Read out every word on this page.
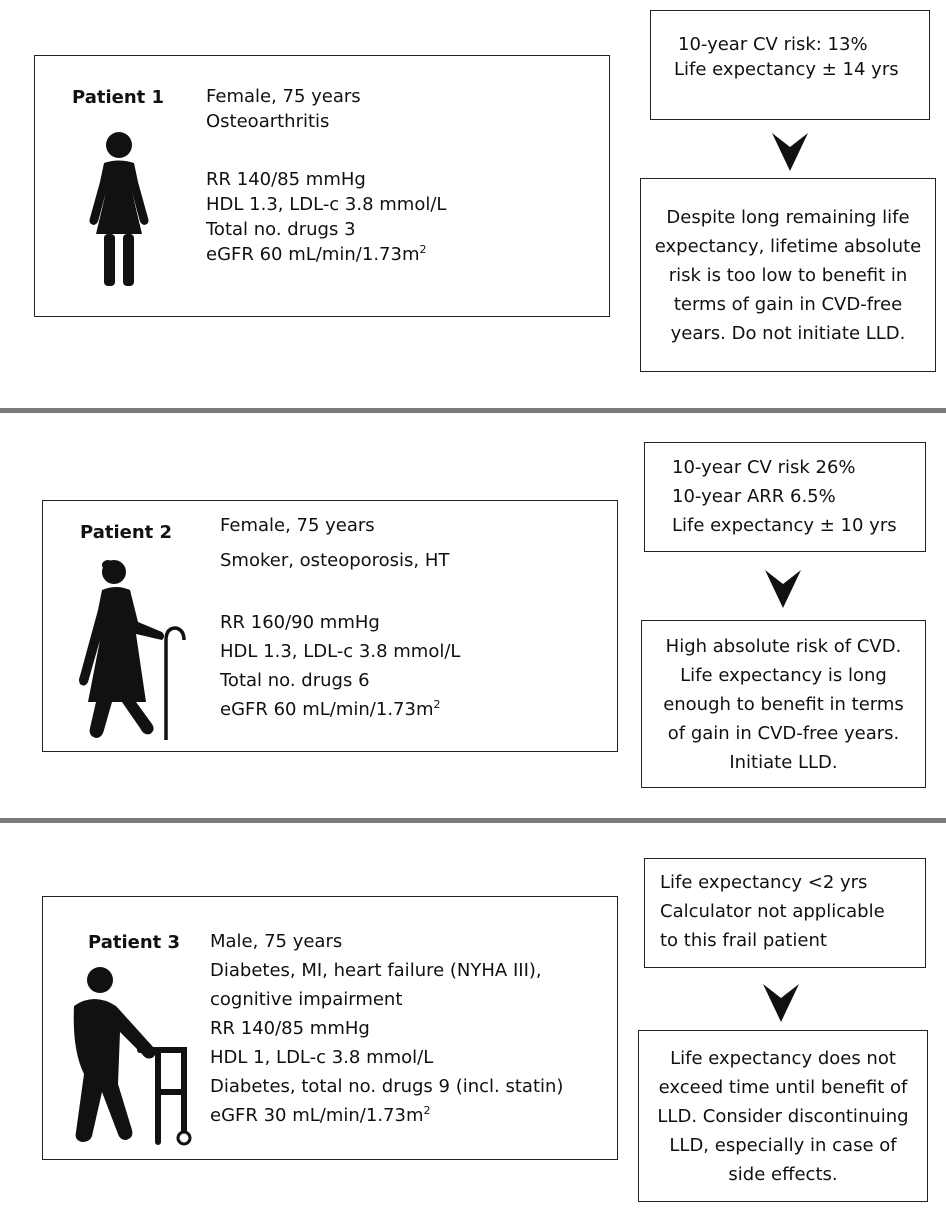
Patient 1 Female, 75 years
Osteoarthritis
RR 140/85 mmHg
HDL 1.3, LDL-c 3.8 mmol/L
Total no. drugs 3
eGFR 60 $mL/\min/1.73m^2$
10-year CV risk: 13%
Life expectancy ± 14 yrs
Despite long remaining life expectancy, lifetime absolute risk is too low to benefit in terms of gain in CVD-free years. Do not initiate LLD.
Patient 2	Female, 75 years
Smoker, osteoporosis, HT
RR 160/90 mmHg
HDL 1.3, LDL-c 3.8 mmol/L
Total no. drugs 6
eGFR 60 $mL/\min/1.73m^2$
10-year CV risk 26%
10-year ARR 6.5%
Life expectancy ± 10 yrs
High absolute risk of CVD. Life expectancy is long enough to benefit in terms of gain in CVD-free years. Initiate LLD.
Patient 3 Male, 75 years
Diabetes, MI, heart failure (NYHA III),
cognitive impairment
RR 140/85 mmHg
HDL 1, LDL-c 3.8 mmol/L
Diabetes, total no. drugs 9 (incl. statin)
eGFR 30 $mL/\min/1.73m^2$
Life expectancy <2 yrs
Calculator not applicable
to this frail patient
Life expectancy does not exceed time until benefit of LLD. Consider discontinuing LLD, especially in case of side effects.
